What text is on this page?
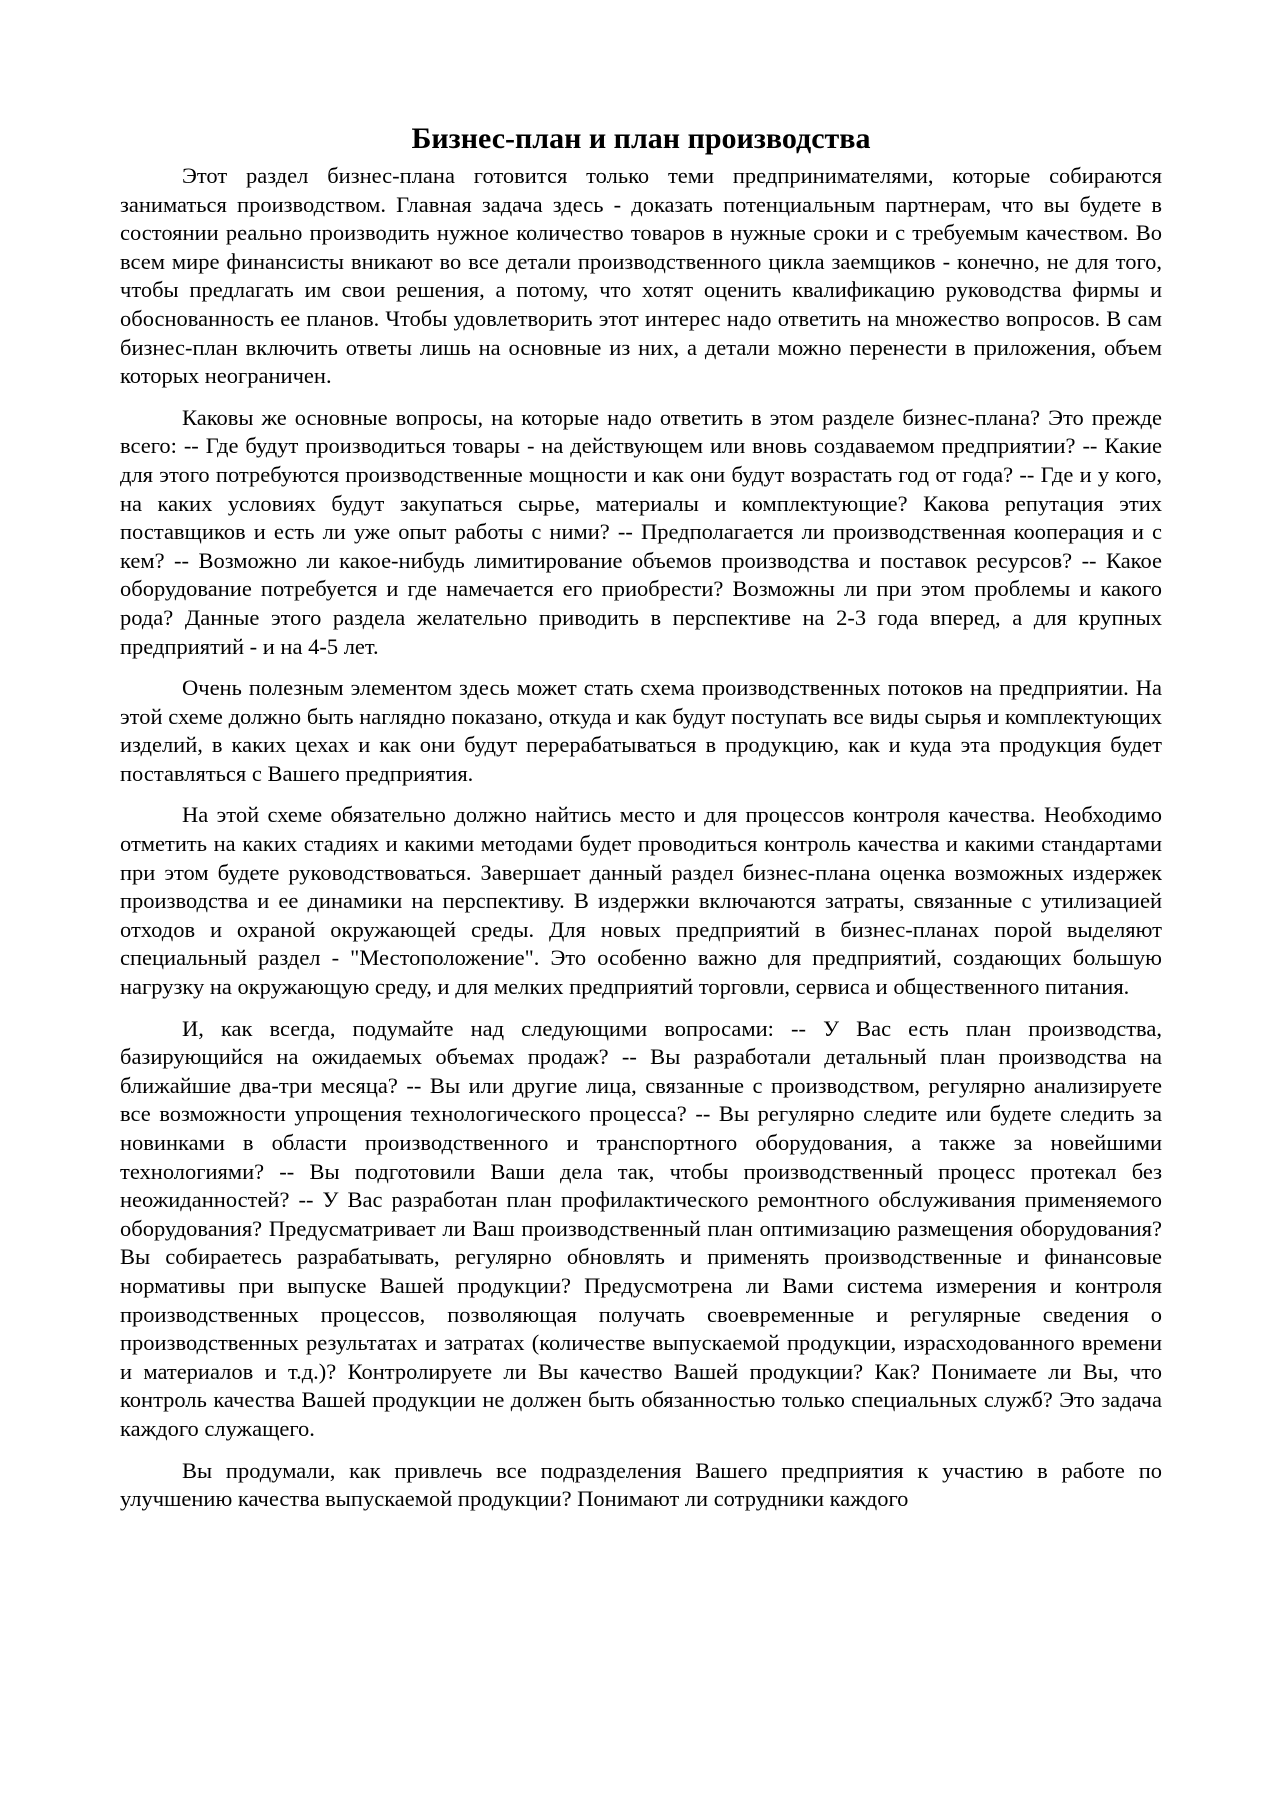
Бизнес-план и план производства

Этот раздел бизнес-плана готовится только теми предпринимателями, которые собираются заниматься производством. Главная задача здесь - доказать потенциальным партнерам, что вы будете в состоянии реально производить нужное количество товаров в нужные сроки и с требуемым качеством. Во всем мире финансисты вникают во все детали производственного цикла заемщиков - конечно, не для того, чтобы предлагать им свои решения, а потому, что хотят оценить квалификацию руководства фирмы и обоснованность ее планов. Чтобы удовлетворить этот интерес надо ответить на множество вопросов. В сам бизнес-план включить ответы лишь на основные из них, а детали можно перенести в приложения, объем которых неограничен.

Каковы же основные вопросы, на которые надо ответить в этом разделе бизнес-плана? Это прежде всего: -- Где будут производиться товары - на действующем или вновь создаваемом предприятии? -- Какие для этого потребуются производственные мощности и как они будут возрастать год от года? -- Где и у кого, на каких условиях будут закупаться сырье, материалы и комплектующие? Какова репутация этих поставщиков и есть ли уже опыт работы с ними? -- Предполагается ли производственная кооперация и с кем? -- Возможно ли какое-нибудь лимитирование объемов производства и поставок ресурсов? -- Какое оборудование потребуется и где намечается его приобрести? Возможны ли при этом проблемы и какого рода? Данные этого раздела желательно приводить в перспективе на 2-3 года вперед, а для крупных предприятий - и на 4-5 лет.

Очень полезным элементом здесь может стать схема производственных потоков на предприятии. На этой схеме должно быть наглядно показано, откуда и как будут поступать все виды сырья и комплектующих изделий, в каких цехах и как они будут перерабатываться в продукцию, как и куда эта продукция будет поставляться с Вашего предприятия.

На этой схеме обязательно должно найтись место и для процессов контроля качества. Необходимо отметить на каких стадиях и какими методами будет проводиться контроль качества и какими стандартами при этом будете руководствоваться. Завершает данный раздел бизнес-плана оценка возможных издержек производства и ее динамики на перспективу. В издержки включаются затраты, связанные с утилизацией отходов и охраной окружающей среды. Для новых предприятий в бизнес-планах порой выделяют специальный раздел - "Местоположение". Это особенно важно для предприятий, создающих большую нагрузку на окружающую среду, и для мелких предприятий торговли, сервиса и общественного питания.

И, как всегда, подумайте над следующими вопросами: -- У Вас есть план производства, базирующийся на ожидаемых объемах продаж? -- Вы разработали детальный план производства на ближайшие два-три месяца? -- Вы или другие лица, связанные с производством, регулярно анализируете все возможности упрощения технологического процесса? -- Вы регулярно следите или будете следить за новинками в области производственного и транспортного оборудования, а также за новейшими технологиями? -- Вы подготовили Ваши дела так, чтобы производственный процесс протекал без неожиданностей? -- У Вас разработан план профилактического ремонтного обслуживания применяемого оборудования? Предусматривает ли Ваш производственный план оптимизацию размещения оборудования? Вы собираетесь разрабатывать, регулярно обновлять и применять производственные и финансовые нормативы при выпуске Вашей продукции? Предусмотрена ли Вами система измерения и контроля производственных процессов, позволяющая получать своевременные и регулярные сведения о производственных результатах и затратах (количестве выпускаемой продукции, израсходованного времени и материалов и т.д.)? Контролируете ли Вы качество Вашей продукции? Как? Понимаете ли Вы, что контроль качества Вашей продукции не должен быть обязанностью только специальных служб? Это задача каждого служащего.

Вы продумали, как привлечь все подразделения Вашего предприятия к участию в работе по улучшению качества выпускаемой продукции? Понимают ли сотрудники каждого
